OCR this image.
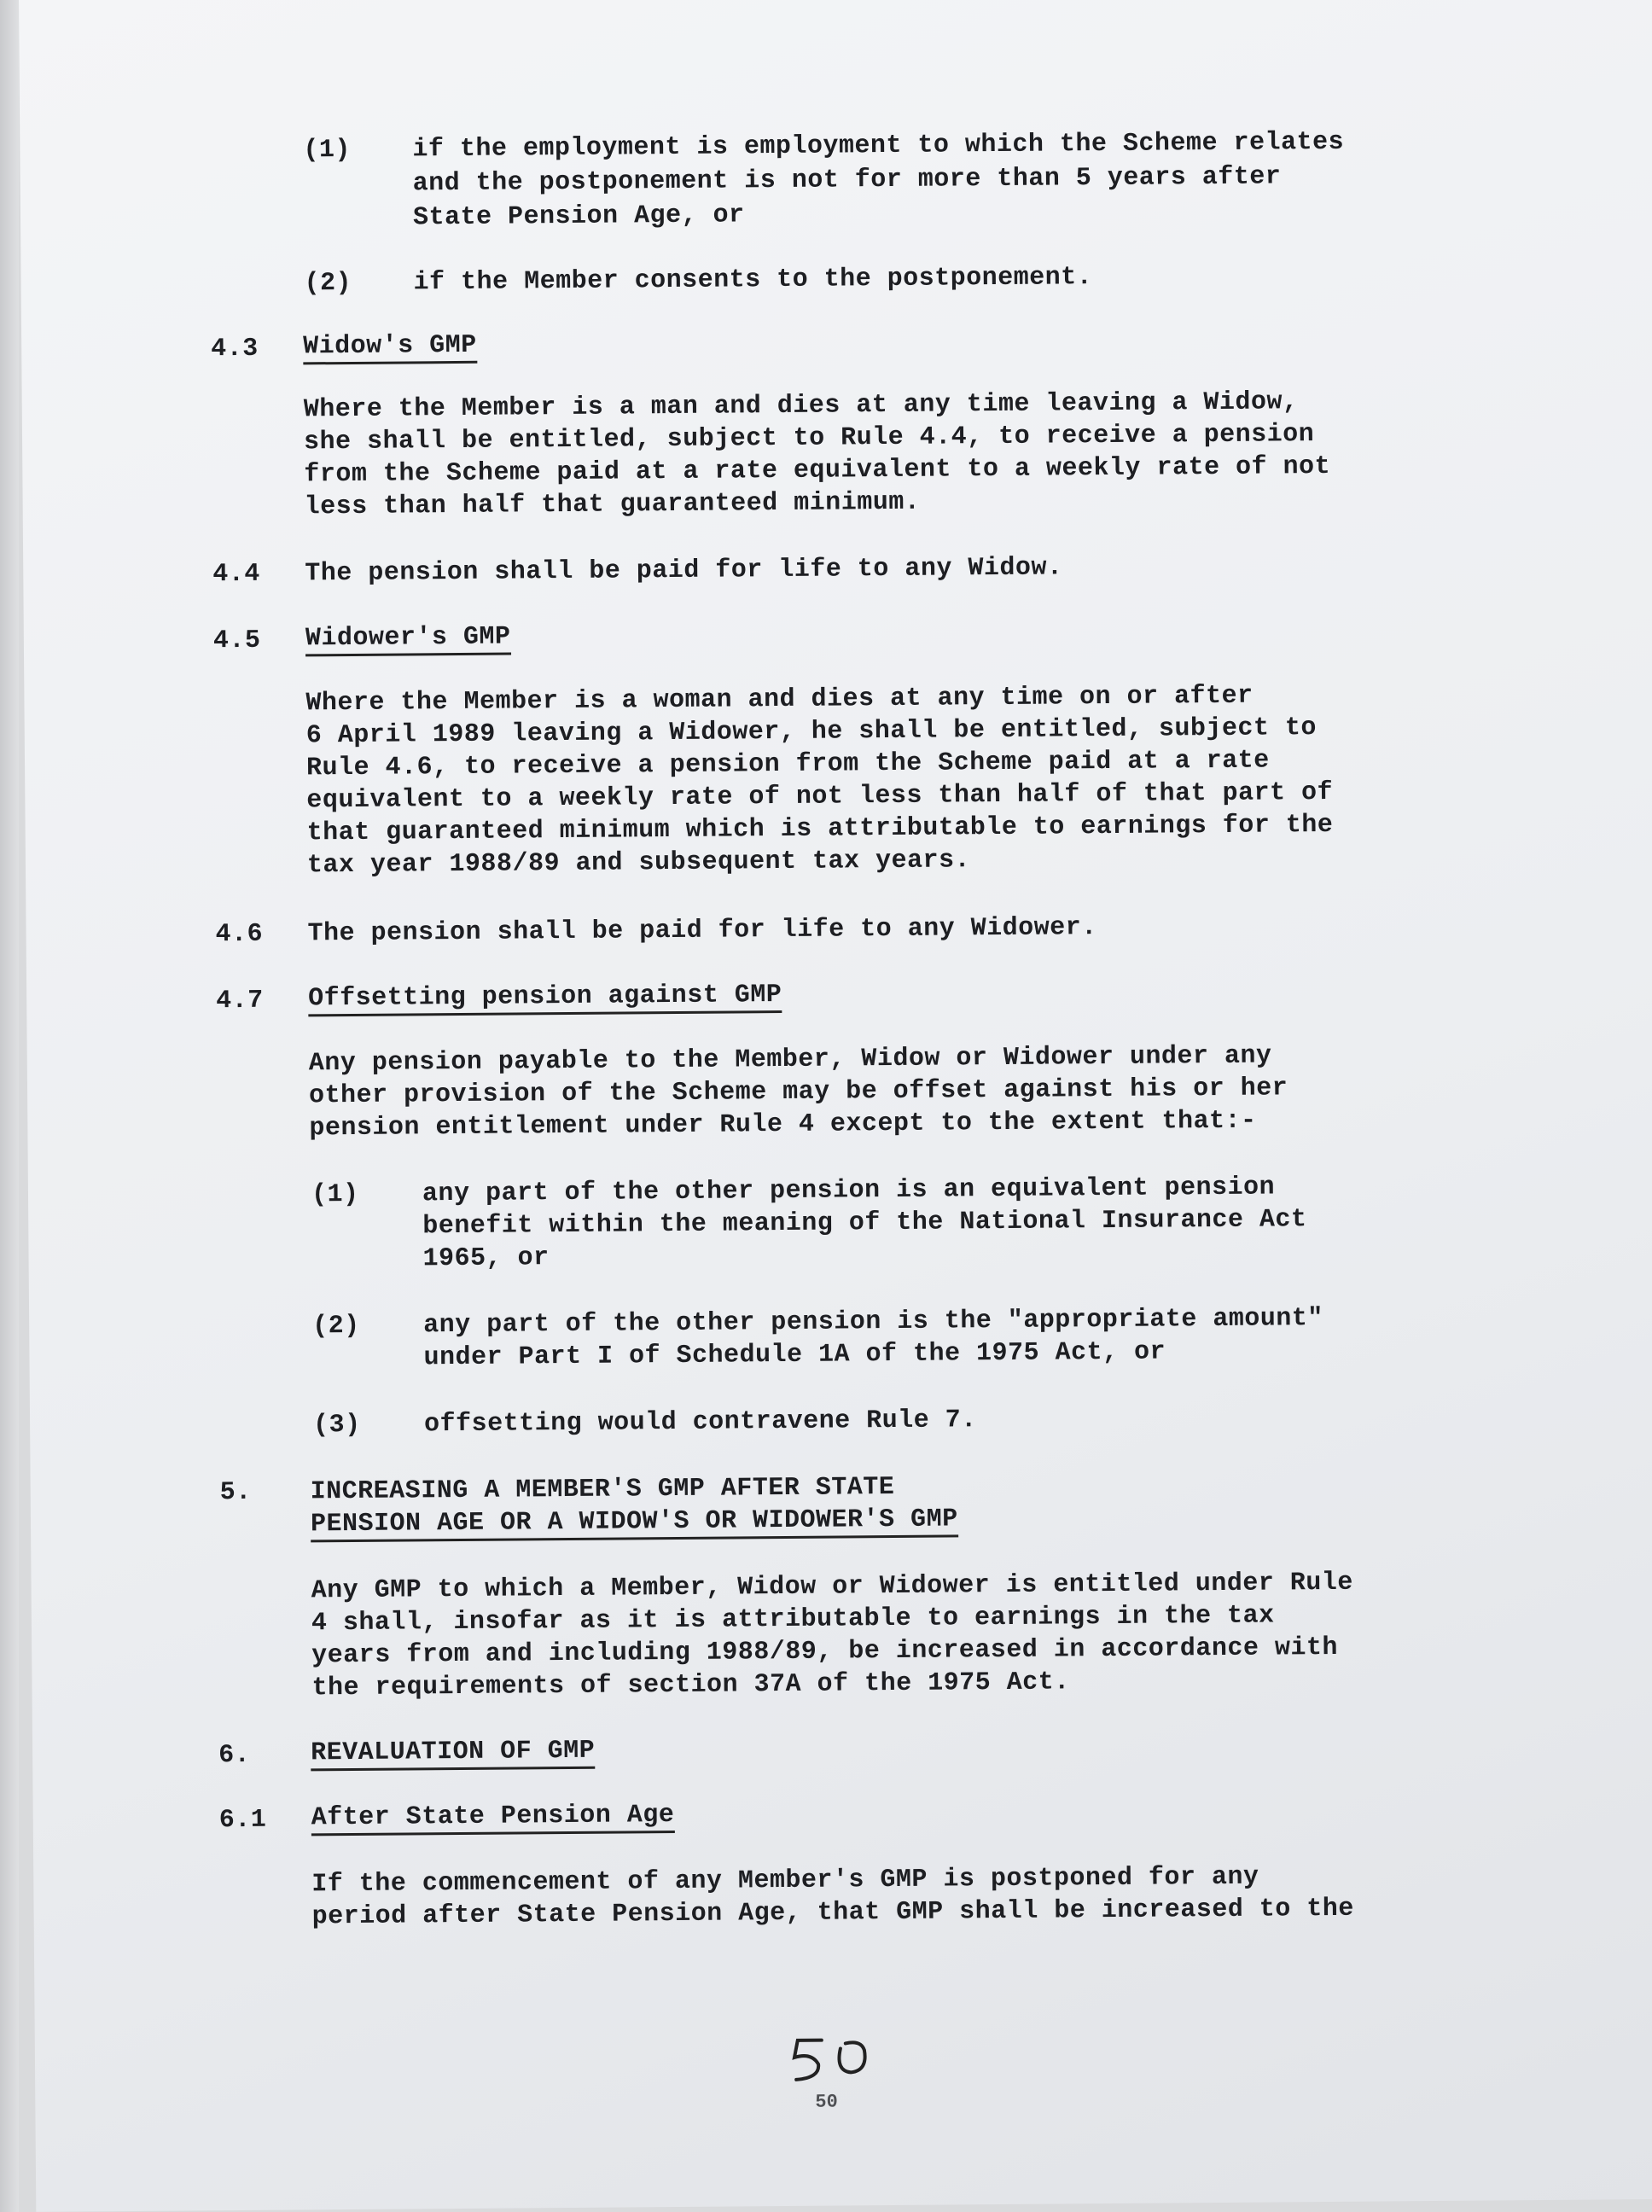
(1) if the employment is employment to which the Scheme relates
and the postponement is not for more than 5 years after
State Pension Age, or
(2) if the Member consents to the postponement.
4.3 Widow's GMP
Where the Member is a man and dies at any time leaving a Widow,
she shall be entitled, subject to Rule 4.4, to receive a pension
from the Scheme paid at a rate equivalent to a weekly rate of not
less than half that guaranteed minimum.
4.4 The pension shall be paid for life to any Widow.
4.5 Widower's GMP
Where the Member is a woman and dies at any time on or after
6 April 1989 leaving a Widower, he shall be entitled, subject to
Rule 4.6, to receive a pension from the Scheme paid at a rate
equivalent to a weekly rate of not less than half of that part of
that guaranteed minimum which is attributable to earnings for the
tax year 1988/89 and subsequent tax years.
4.6 The pension shall be paid for life to any Widower.
4.7 Offsetting pension against GMP
Any pension payable to the Member, Widow or Widower under any
other provision of the Scheme may be offset against his or her
pension entitlement under Rule 4 except to the extent that:-
(1) any part of the other pension is an equivalent pension
benefit within the meaning of the National Insurance Act
1965, or
(2) any part of the other pension is the "appropriate amount"
under Part I of Schedule 1A of the 1975 Act, or
(3) offsetting would contravene Rule 7.
5. INCREASING A MEMBER'S GMP AFTER STATE
PENSION AGE OR A WIDOW'S OR WIDOWER'S GMP
Any GMP to which a Member, Widow or Widower is entitled under Rule
4 shall, insofar as it is attributable to earnings in the tax
years from and including 1988/89, be increased in accordance with
the requirements of section 37A of the 1975 Act.
6. REVALUATION OF GMP
6.1 After State Pension Age
If the commencement of any Member's GMP is postponed for any
period after State Pension Age, that GMP shall be increased to the
50
